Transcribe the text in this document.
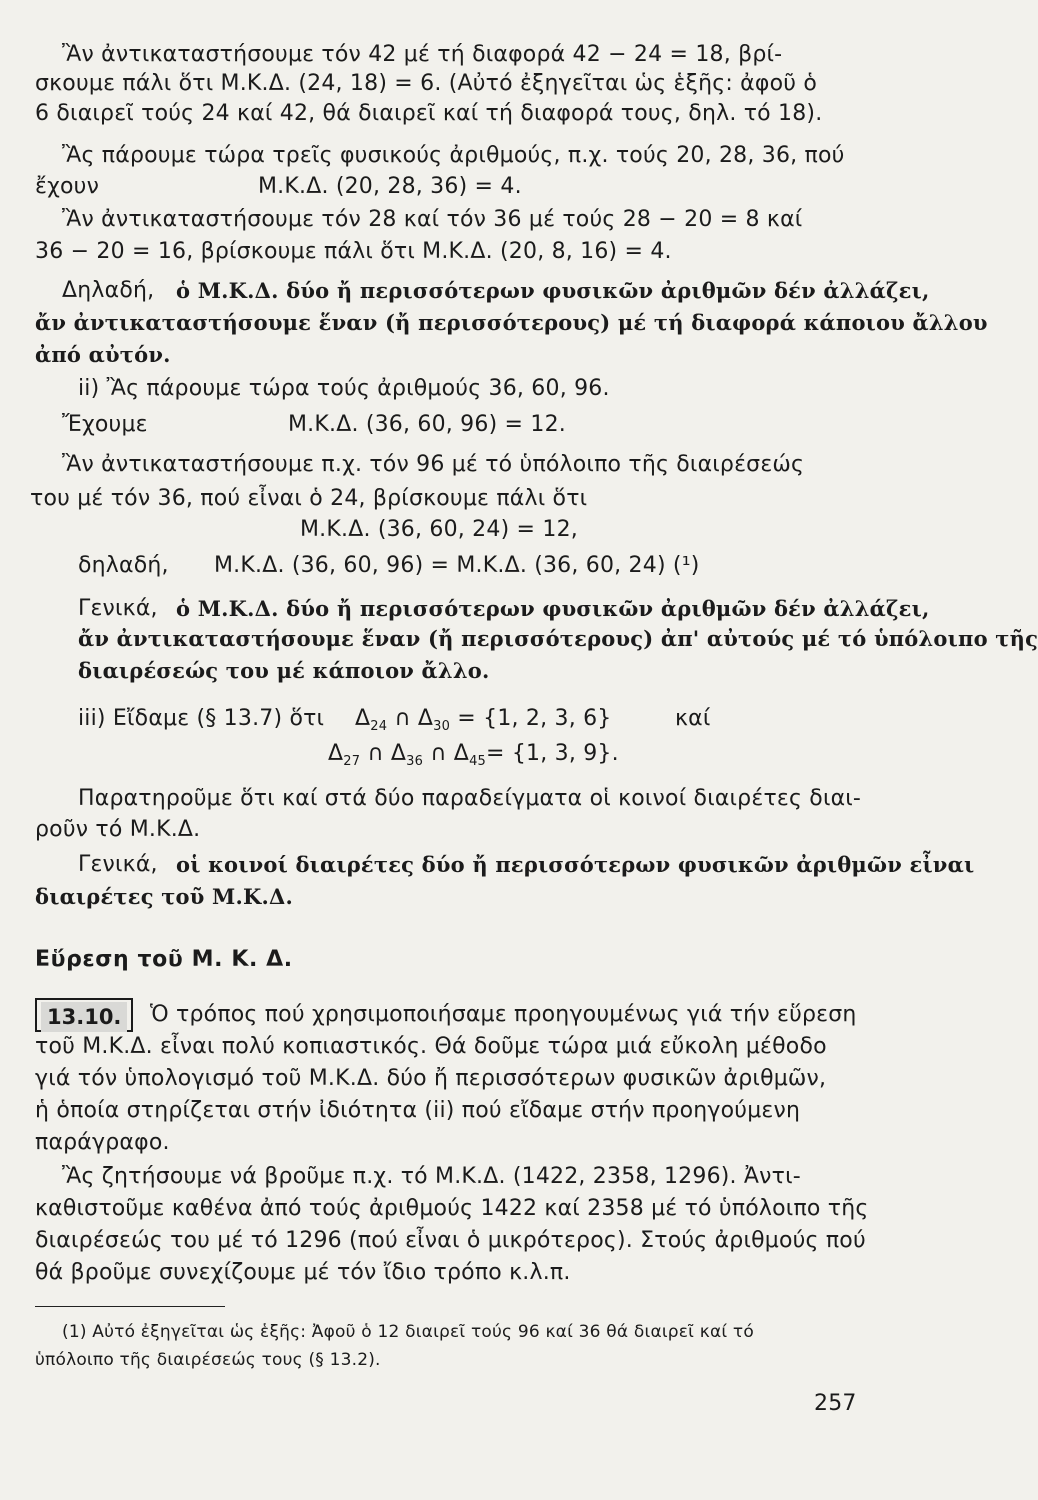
Ἂν ἀντικαταστήσουμε τόν 42 μέ τή διαφορά 42 − 24 = 18, βρί-
σκουμε πάλι ὅτι Μ.Κ.Δ. (24, 18) = 6. (Αὐτό ἐξηγεῖται ὡς ἑξῆς: ἀφοῦ ὁ
6 διαιρεῖ τούς 24 καί 42, θά διαιρεῖ καί τή διαφορά τους, δηλ. τό 18).
Ἂς πάρουμε τώρα τρεῖς φυσικούς ἀριθμούς, π.χ. τούς 20, 28, 36, πού
ἔχουν	Μ.Κ.Δ. (20, 28, 36) = 4.
Ἂν ἀντικαταστήσουμε τόν 28 καί τόν 36 μέ τούς 28 − 20 = 8 καί
36 − 20 = 16, βρίσκουμε πάλι ὅτι Μ.Κ.Δ. (20, 8, 16) = 4.
Δηλαδή, ὁ Μ.Κ.Δ. δύο ἤ περισσότερων φυσικῶν ἀριθμῶν δέν ἀλλάζει,
ἄν ἀντικαταστήσουμε ἕναν (ἤ περισσότερους) μέ τή διαφορά κάποιου ἄλλου
ἀπό αὐτόν.
ii) Ἂς πάρουμε τώρα τούς ἀριθμούς 36, 60, 96.
Ἔχουμε	Μ.Κ.Δ. (36, 60, 96) = 12.
Ἂν ἀντικαταστήσουμε π.χ. τόν 96 μέ τό ὑπόλοιπο τῆς διαιρέσεώς
του μέ τόν 36, πού εἶναι ὁ 24, βρίσκουμε πάλι ὅτι
Μ.Κ.Δ. (36, 60, 24) = 12,
δηλαδή, Μ.Κ.Δ. (36, 60, 96) = Μ.Κ.Δ. (36, 60, 24) (¹)
Γενικά, ὁ Μ.Κ.Δ. δύο ἤ περισσότερων φυσικῶν ἀριθμῶν δέν ἀλλάζει,
ἄν ἀντικαταστήσουμε ἕναν (ἤ περισσότερους) ἀπ' αὐτούς μέ τό ὑπόλοιπο τῆς
διαιρέσεώς του μέ κάποιον ἄλλο.
iii) Εἴδαμε (§ 13.7) ὅτι $\Delta_{24}$ ∩ $\Delta_{30} = \{1$, 2, 3, 6}	καί
$\Delta_{27}$ ∩ $\Delta_{36}$ ∩ $\Delta_{45}= \{1$, 3, 9}.
Παρατηροῦμε ὅτι καί στά δύο παραδείγματα οἱ κοινοί διαιρέτες διαι-
ροῦν τό Μ.Κ.Δ.
Γενικά, οἱ κοινοί διαιρέτες δύο ἤ περισσότερων φυσικῶν ἀριθμῶν εἶναι
διαιρέτες τοῦ Μ.Κ.Δ.
Εὕρεση τοῦ Μ. Κ. Δ.
13.10. Ὁ τρόπος πού χρησιμοποιήσαμε προηγουμένως γιά τήν εὕρεση
τοῦ Μ.Κ.Δ. εἶναι πολύ κοπιαστικός. Θά δοῦμε τώρα μιά εὔκολη μέθοδο
γιά τόν ὑπολογισμό τοῦ Μ.Κ.Δ. δύο ἤ περισσότερων φυσικῶν ἀριθμῶν,
ἡ ὁποία στηρίζεται στήν ἰδιότητα (ii) πού εἴδαμε στήν προηγούμενη
παράγραφο.
Ἂς ζητήσουμε νά βροῦμε π.χ. τό Μ.Κ.Δ. (1422, 2358, 1296). Ἀντι-
καθιστοῦμε καθένα ἀπό τούς ἀριθμούς 1422 καί 2358 μέ τό ὑπόλοιπο τῆς
διαιρέσεώς του μέ τό 1296 (πού εἶναι ὁ μικρότερος). Στούς ἀριθμούς πού
θά βροῦμε συνεχίζουμε μέ τόν ἴδιο τρόπο κ.λ.π.
(1) Αὐτό ἐξηγεῖται ὡς ἑξῆς: Ἀφοῦ ὁ 12 διαιρεῖ τούς 96 καί 36 θά διαιρεῖ καί τό
ὑπόλοιπο τῆς διαιρέσεώς τους (§ 13.2).
257
